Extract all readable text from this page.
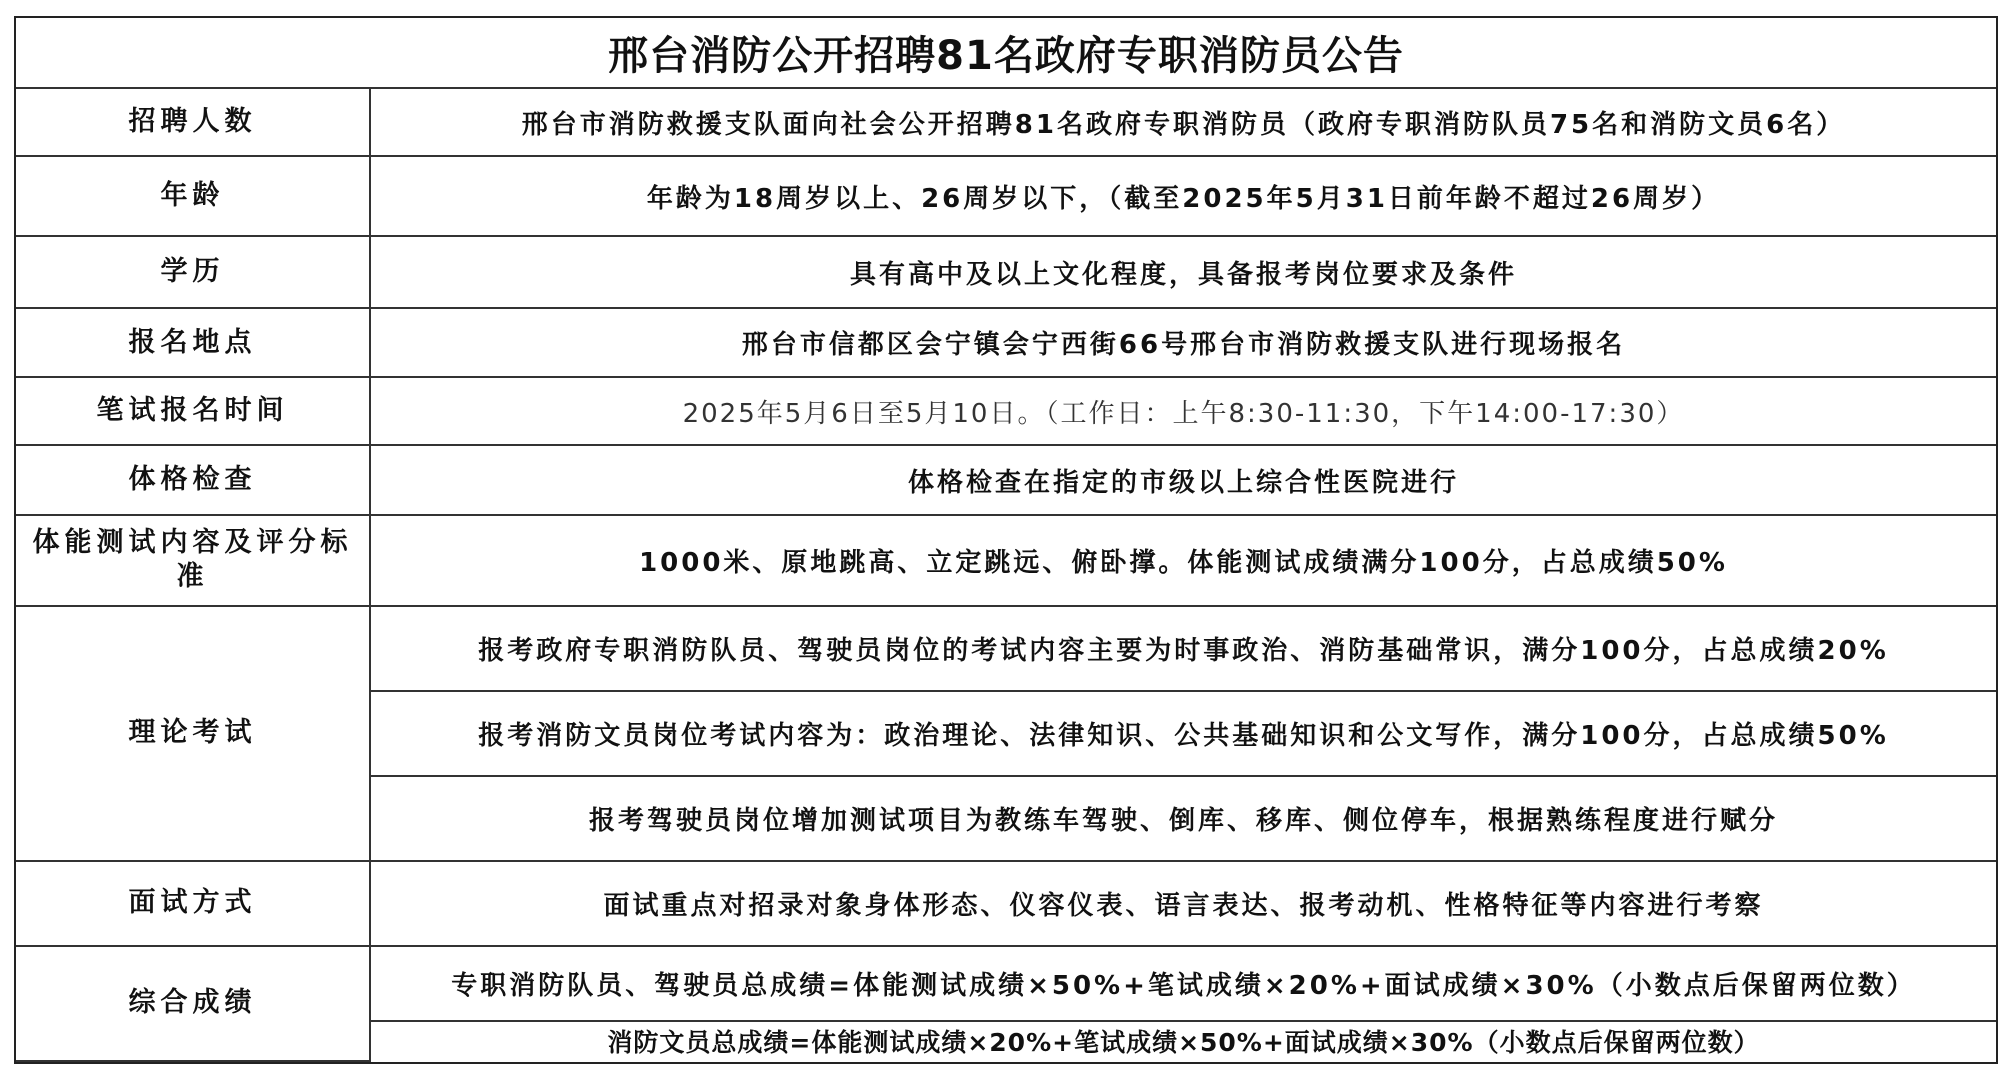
邢台消防公开招聘81名政府专职消防员公告	
招聘人数	邢台市消防救援支队面向社会公开招聘81名政府专职消防员（政府专职消防队员75名和消防文员6名）
年龄	年龄为18周岁以上、26周岁以下，（截至2025年5月31日前年龄不超过26周岁）
学历	具有高中及以上文化程度，具备报考岗位要求及条件
报名地点	邢台市信都区会宁镇会宁西街66号邢台市消防救援支队进行现场报名
笔试报名时间	2025年5月6日至5月10日。（工作日：上午8:30-11:30，下午14:00-17:30）
体格检查	体格检查在指定的市级以上综合性医院进行
体能测试内容及评分标准	1000米、原地跳高、立定跳远、俯卧撑。体能测试成绩满分100分，占总成绩50%
理论考试	报考政府专职消防队员、驾驶员岗位的考试内容主要为时事政治、消防基础常识，满分100分，占总成绩20%
	报考消防文员岗位考试内容为：政治理论、法律知识、公共基础知识和公文写作，满分100分，占总成绩50%
	报考驾驶员岗位增加测试项目为教练车驾驶、倒库、移库、侧位停车，根据熟练程度进行赋分
面试方式	面试重点对招录对象身体形态、仪容仪表、语言表达、报考动机、性格特征等内容进行考察
综合成绩	专职消防队员、驾驶员总成绩=体能测试成绩×50%+笔试成绩×20%+面试成绩×30%（小数点后保留两位数）
	消防文员总成绩=体能测试成绩×20%+笔试成绩×50%+面试成绩×30%（小数点后保留两位数）
